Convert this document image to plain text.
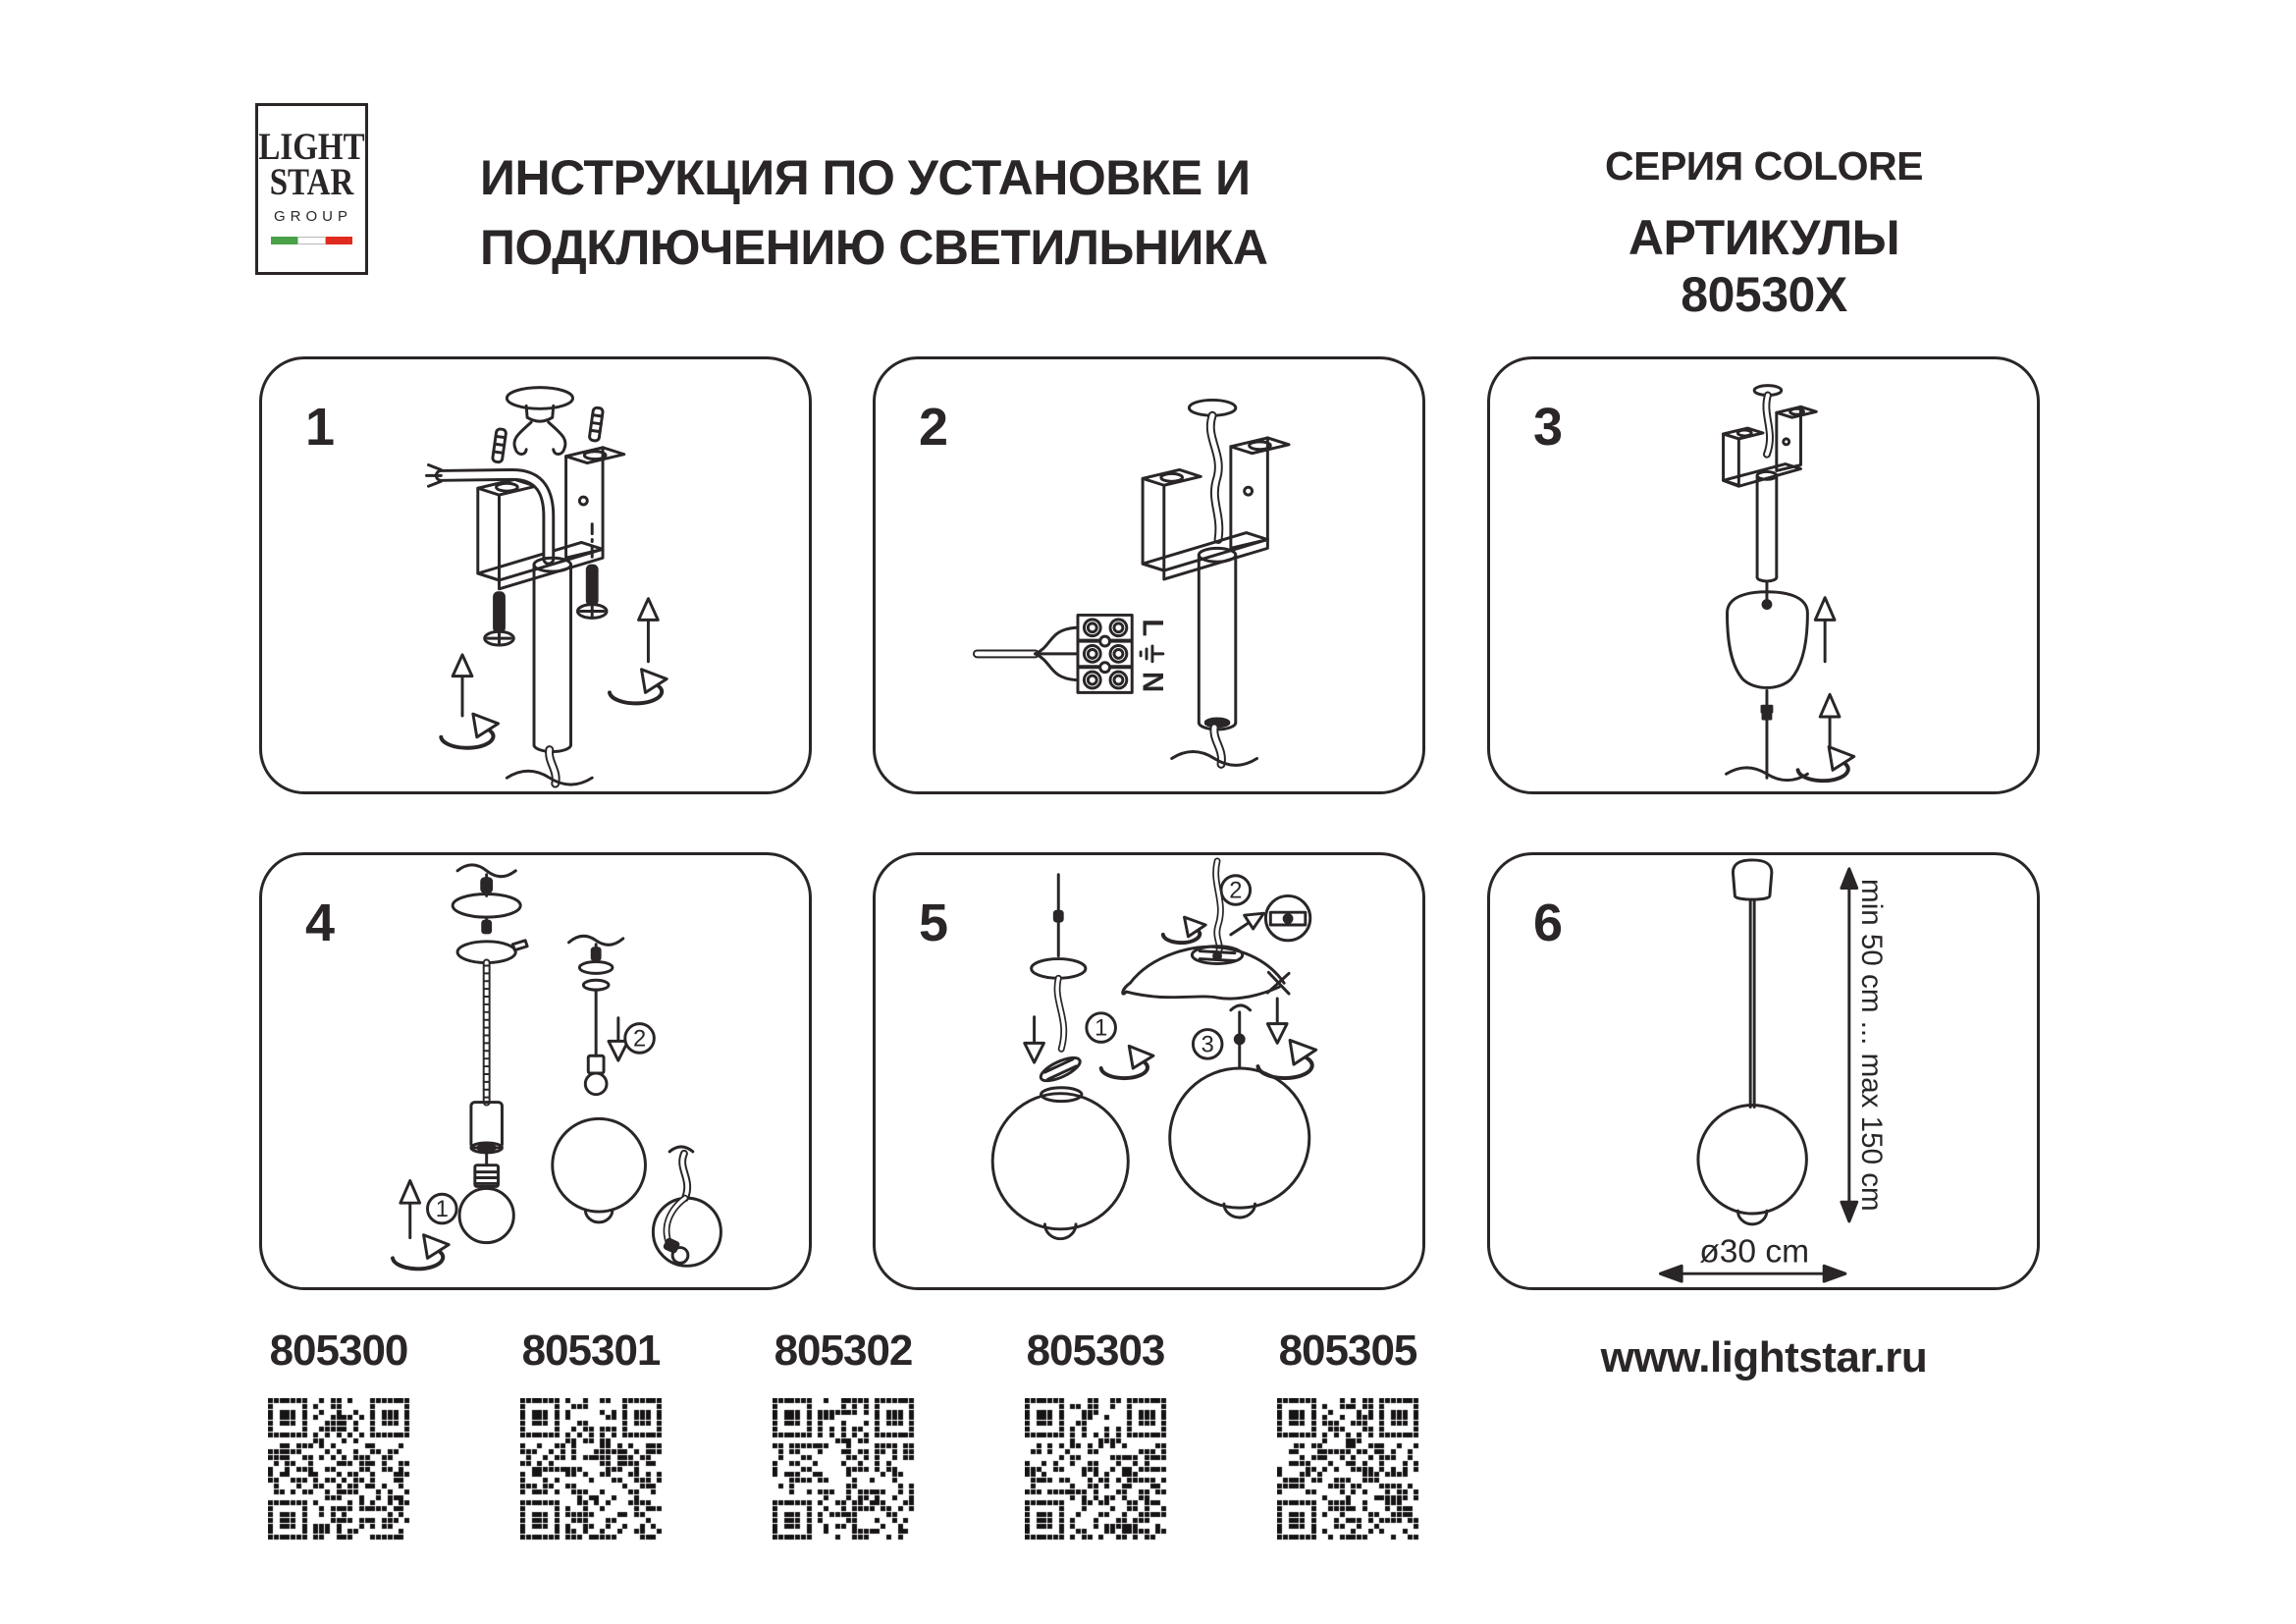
LIGHT
STAR
GROUP
ИНСТРУКЦИЯ ПО УСТАНОВКЕ И
ПОДКЛЮЧЕНИЮ СВЕТИЛЬНИКА
СЕРИЯ COLORE
АРТИКУЛЫ 80530X
1
L
N
2	3
1
2
4
1
2
3
5	min 50 cm ... max 150 cm
ø30 cm
6
805300	805301	805302	805303	805305	www.lightstar.ru
